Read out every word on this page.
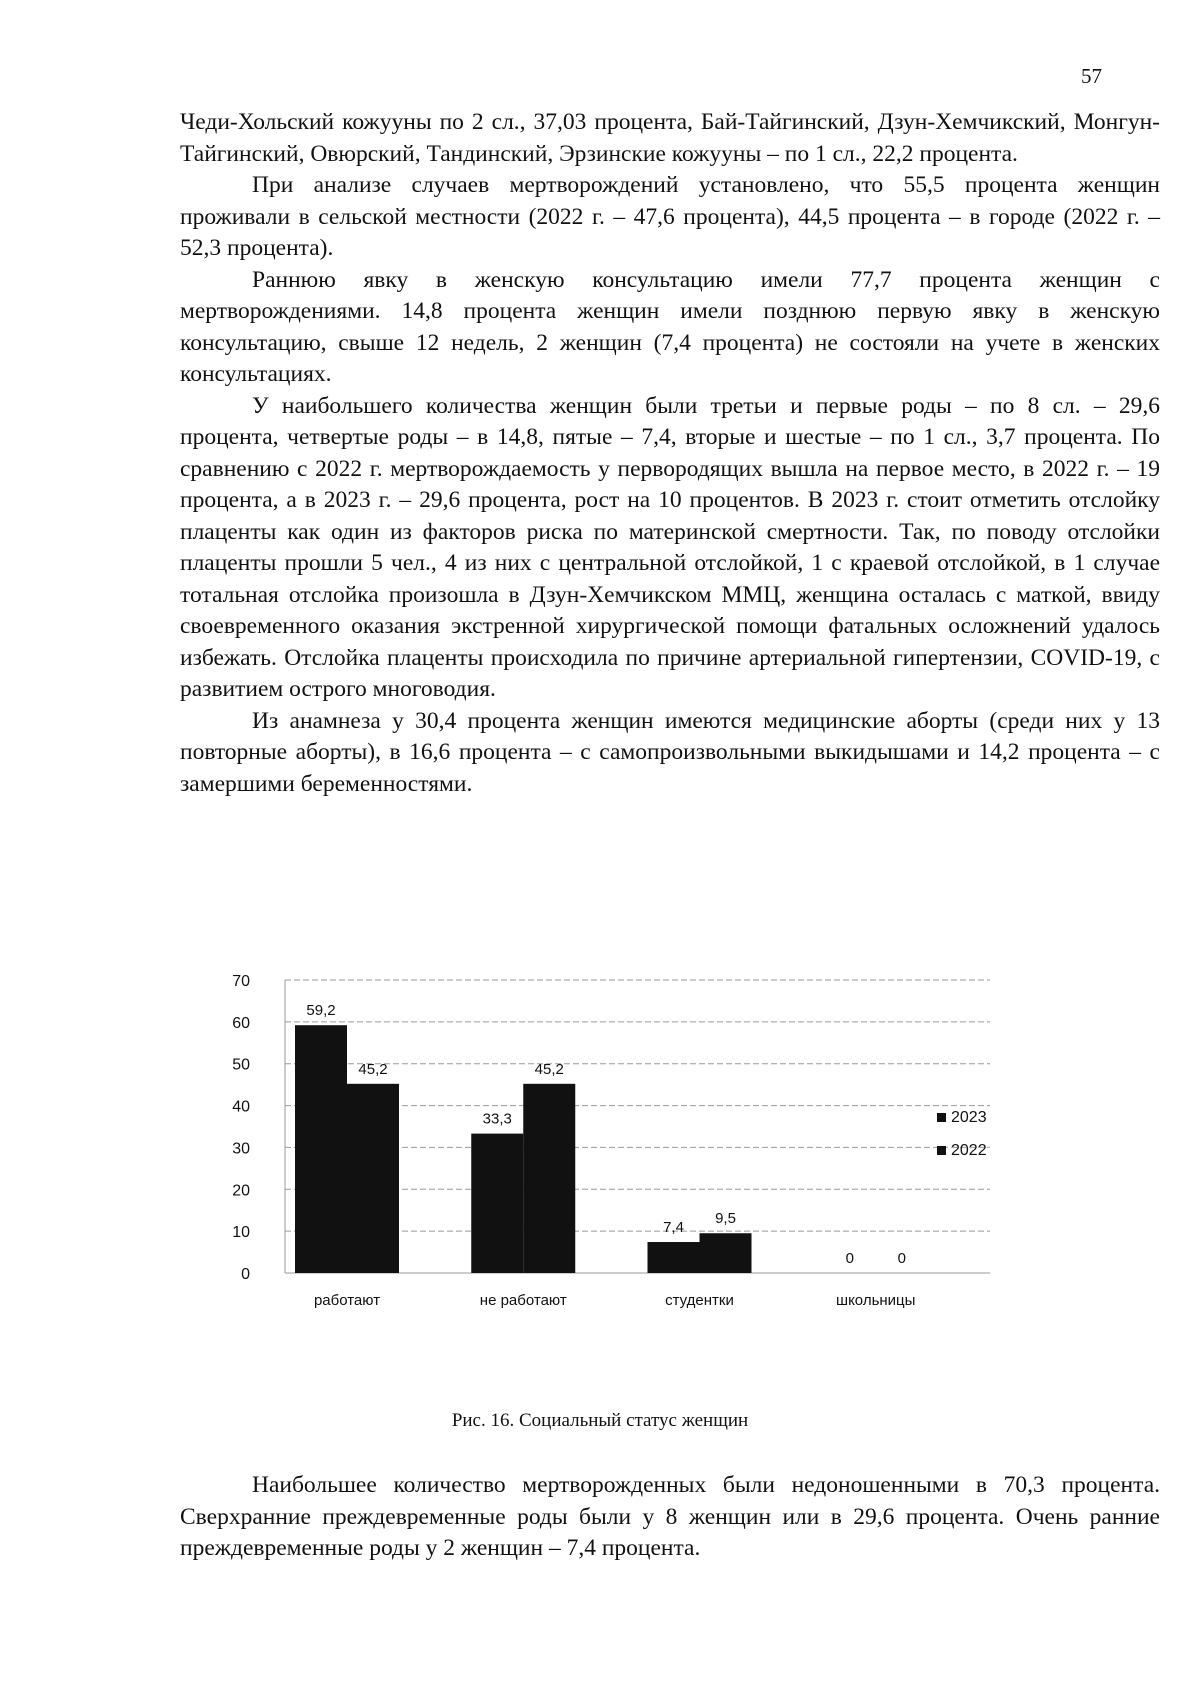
57

Чеди-Хольский кожууны по 2 сл., 37,03 процента, Бай-Тайгинский, Дзун-Хемчикский, Монгун-Тайгинский, Овюрский, Тандинский, Эрзинские кожууны – по 1 сл., 22,2 процента.

При анализе случаев мертворождений установлено, что 55,5 процента женщин проживали в сельской местности (2022 г. – 47,6 процента), 44,5 процента – в городе (2022 г. – 52,3 процента).

Раннюю явку в женскую консультацию имели 77,7 процента женщин с мертворождениями. 14,8 процента женщин имели позднюю первую явку в женскую консультацию, свыше 12 недель, 2 женщин (7,4 процента) не состояли на учете в женских консультациях.

У наибольшего количества женщин были третьи и первые роды – по 8 сл. – 29,6 процента, четвертые роды – в 14,8, пятые – 7,4, вторые и шестые – по 1 сл., 3,7 процента. По сравнению с 2022 г. мертворождаемость у первородящих вышла на первое место, в 2022 г. – 19 процента, а в 2023 г. – 29,6 процента, рост на 10 процентов. В 2023 г. стоит отметить отслойку плаценты как один из факторов риска по материнской смертности. Так, по поводу отслойки плаценты прошли 5 чел., 4 из них с центральной отслойкой, 1 с краевой отслойкой, в 1 случае тотальная отслойка произошла в Дзун-Хемчикском ММЦ, женщина осталась с маткой, ввиду своевременного оказания экстренной хирургической помощи фатальных осложнений удалось избежать. Отслойка плаценты происходила по причине артериальной гипертензии, COVID-19, с развитием острого многоводия.

Из анамнеза у 30,4 процента женщин имеются медицинские аборты (среди них у 13 повторные аборты), в 16,6 процента – с самопроизвольными выкидышами и 14,2 процента – с замершими беременностями.

0
10
20
30
40
50
60
70
59,2
45,2
работают
33,3
45,2
не работают
7,4
9,5
студентки
0	0
школьницы
2023
2022
Рис. 16. Социальный статус женщин

Наибольшее количество мертворожденных были недоношенными в 70,3 процента. Сверхранние преждевременные роды были у 8 женщин или в 29,6 процента. Очень ранние преждевременные роды у 2 женщин – 7,4 процента.
